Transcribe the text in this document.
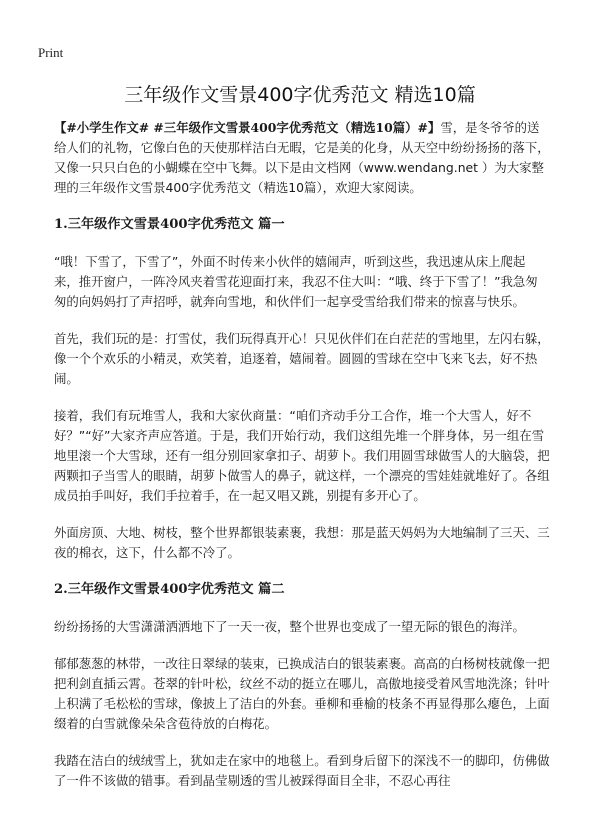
Print
三年级作文雪景400字优秀范文 精选10篇

【#小学生作文# #三年级作文雪景400字优秀范文（精选10篇）#】雪，是冬爷爷的送给人们的礼物，它像白色的天使那样洁白无暇，它是美的化身，从天空中纷纷扬扬的落下，又像一只只白色的小蝴蝶在空中飞舞。以下是由文档网（www.wendang.net ）为大家整理的三年级作文雪景400字优秀范文（精选10篇），欢迎大家阅读。

1.三年级作文雪景400字优秀范文 篇一

“哦！下雪了，下雪了”，外面不时传来小伙伴的嬉闹声，听到这些，我迅速从床上爬起来，推开窗户，一阵冷风夹着雪花迎面打来，我忍不住大叫：“哦、终于下雪了！”我急匆匆的向妈妈打了声招呼，就奔向雪地，和伙伴们一起享受雪给我们带来的惊喜与快乐。

首先，我们玩的是：打雪仗，我们玩得真开心！只见伙伴们在白茫茫的雪地里，左闪右躲，像一个个欢乐的小精灵，欢笑着，追逐着，嬉闹着。圆圆的雪球在空中飞来飞去，好不热闹。

接着，我们有玩堆雪人，我和大家伙商量：“咱们齐动手分工合作，堆一个大雪人，好不好？”“好”大家齐声应答道。于是，我们开始行动，我们这组先堆一个胖身体，另一组在雪地里滚一个大雪球，还有一组分别回家拿扣子、胡萝卜。我们用圆雪球做雪人的大脑袋，把两颗扣子当雪人的眼睛，胡萝卜做雪人的鼻子，就这样，一个漂亮的雪娃娃就堆好了。各组成员拍手叫好，我们手拉着手，在一起又唱又跳，别提有多开心了。

外面房顶、大地、树枝，整个世界都银装素裹，我想：那是蓝天妈妈为大地编制了三天、三夜的棉衣，这下，什么都不冷了。

2.三年级作文雪景400字优秀范文 篇二

纷纷扬扬的大雪潇潇洒洒地下了一天一夜，整个世界也变成了一望无际的银色的海洋。

郁郁葱葱的林带，一改往日翠绿的装束，已换成洁白的银装素裹。高高的白杨树枝就像一把把利剑直插云霄。苍翠的针叶松，纹丝不动的挺立在哪儿，高傲地接受着风雪地洗涤；针叶上积满了毛松松的雪球，像披上了洁白的外套。垂柳和垂榆的枝条不再显得那么瘪色，上面缀着的白雪就像朵朵含苞待放的白梅花。

我踏在洁白的绒绒雪上，犹如走在家中的地毯上。看到身后留下的深浅不一的脚印，仿佛做了一件不该做的错事。看到晶莹剔透的雪儿被踩得面目全非，不忍心再往
